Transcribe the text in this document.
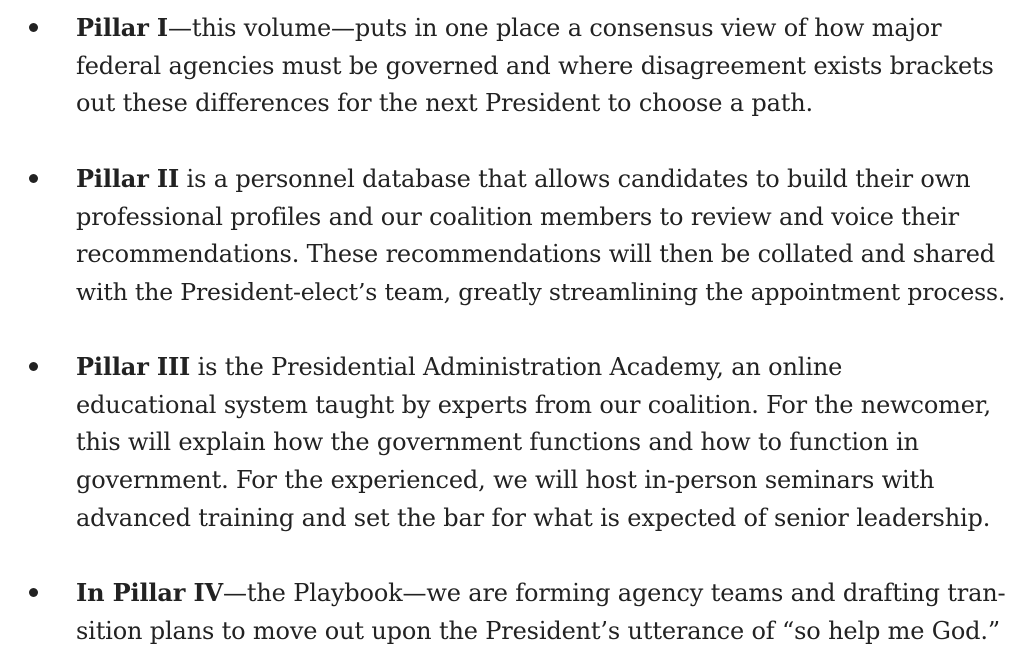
Pillar I—this volume—puts in one place a consensus view of how major
federal agencies must be governed and where disagreement exists brackets
out these differences for the next President to choose a path.

Pillar II is a personnel database that allows candidates to build their own
professional profiles and our coalition members to review and voice their
recommendations. These recommendations will then be collated and shared
with the President-elect’s team, greatly streamlining the appointment process.

Pillar III is the Presidential Administration Academy, an online
educational system taught by experts from our coalition. For the newcomer,
this will explain how the government functions and how to function in
government. For the experienced, we will host in-person seminars with
advanced training and set the bar for what is expected of senior leadership.

In Pillar IV—the Playbook—we are forming agency teams and drafting tran-
sition plans to move out upon the President’s utterance of “so help me God.”
